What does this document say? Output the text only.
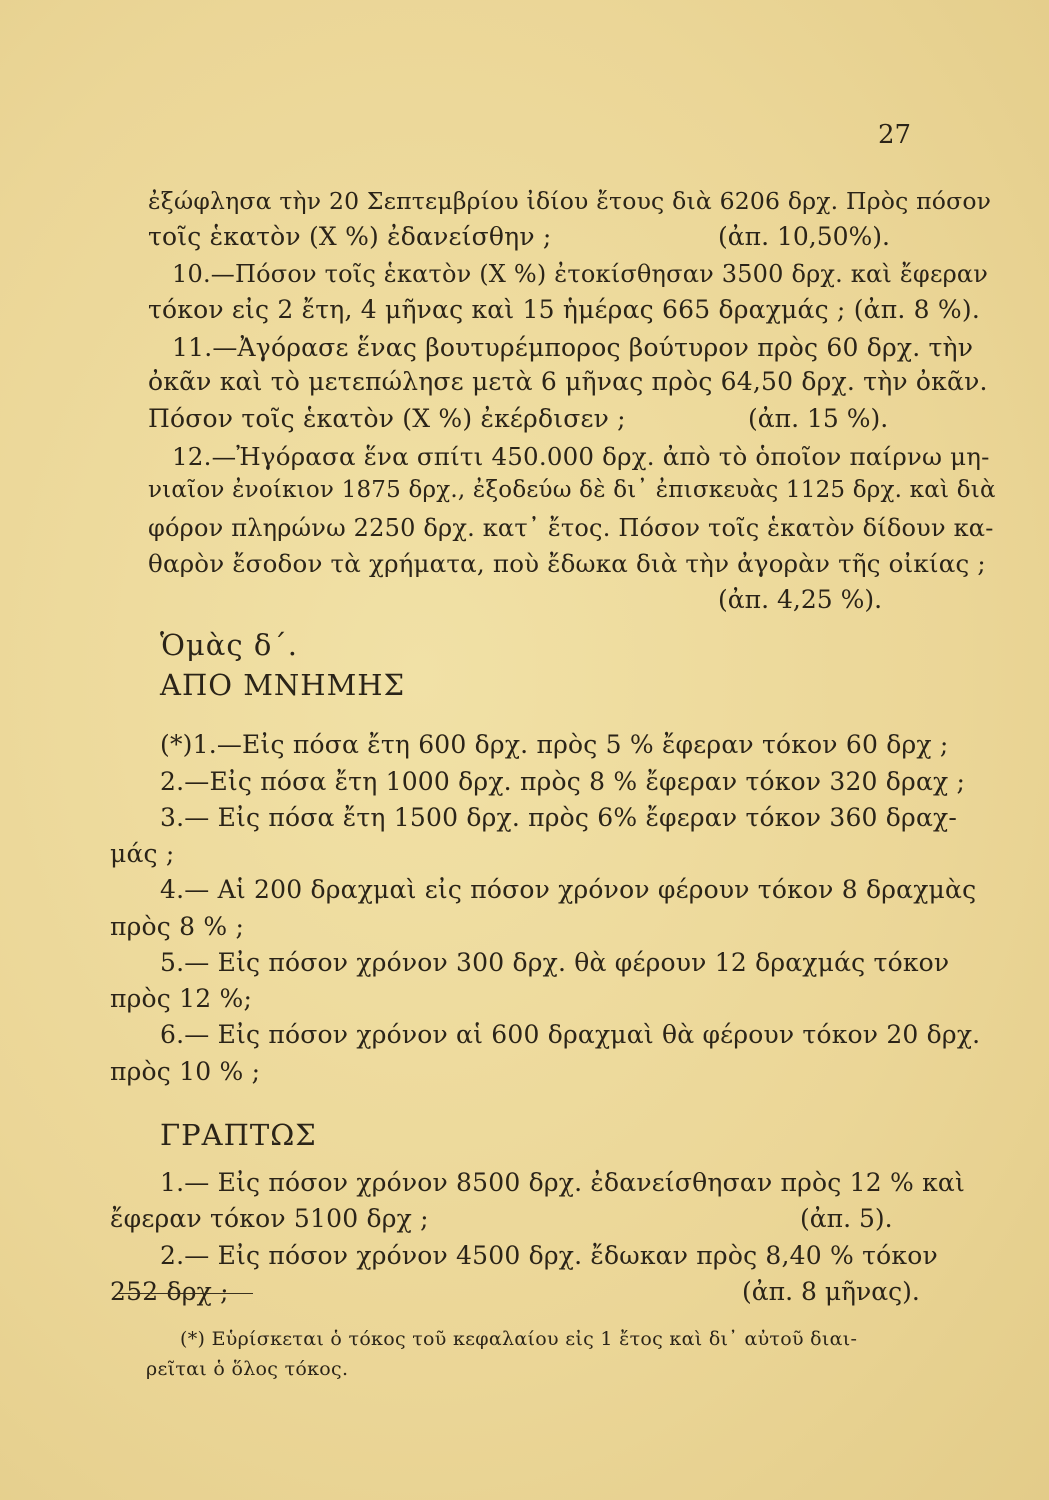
27
ἐξώφλησα τὴν 20 Σεπτεμβρίου ἰδίου ἔτους διὰ 6206 δρχ. Πρὸς πόσον
τοῖς ἑκατὸν (Χ %) ἐδανείσθην ;	(ἀπ. 10,50%).
10.—Πόσον τοῖς ἑκατὸν (Χ %) ἐτοκίσθησαν 3500 δρχ. καὶ ἔφεραν
τόκον εἰς 2 ἔτη, 4 μῆνας καὶ 15 ἡμέρας 665 δραχμάς ; (ἀπ. 8 %).
11.—Ἀγόρασε ἕνας βουτυρέμπορος βούτυρον πρὸς 60 δρχ. τὴν
ὀκᾶν καὶ τὸ μετεπώλησε μετὰ 6 μῆνας πρὸς 64,50 δρχ. τὴν ὀκᾶν.
Πόσον τοῖς ἑκατὸν (Χ %) ἐκέρδισεν ;	(ἀπ. 15 %).
12.—Ἠγόρασα ἕνα σπίτι 450.000 δρχ. ἀπὸ τὸ ὁποῖον παίρνω μη-
νιαῖον ἐνοίκιον 1875 δρχ., ἐξοδεύω δὲ δι᾽ ἐπισκευὰς 1125 δρχ. καὶ διὰ
φόρον πληρώνω 2250 δρχ. κατ᾽ ἔτος. Πόσον τοῖς ἑκατὸν δίδουν κα-
θαρὸν ἔσοδον τὰ χρήματα, ποὺ ἔδωκα διὰ τὴν ἀγορὰν τῆς οἰκίας ;
(ἀπ. 4,25 %).
Ὁμὰς δ΄.
ΑΠΟ ΜΝΗΜΗΣ
(*)1.—Εἰς πόσα ἔτη 600 δρχ. πρὸς 5 % ἔφεραν τόκον 60 δρχ ;
2.—Εἰς πόσα ἔτη 1000 δρχ. πρὸς 8 % ἔφεραν τόκον 320 δραχ ;
3.— Εἰς πόσα ἔτη 1500 δρχ. πρὸς 6% ἔφεραν τόκον 360 δραχ-
μάς ;
4.— Αἱ 200 δραχμαὶ εἰς πόσον χρόνον φέρουν τόκον 8 δραχμὰς
πρὸς 8 % ;
5.— Εἰς πόσον χρόνον 300 δρχ. θὰ φέρουν 12 δραχμάς τόκον
πρὸς 12 %;
6.— Εἰς πόσον χρόνον αἱ 600 δραχμαὶ θὰ φέρουν τόκον 20 δρχ.
πρὸς 10 % ;
ΓΡΑΠΤΩΣ
1.— Εἰς πόσον χρόνον 8500 δρχ. ἐδανείσθησαν πρὸς 12 % καὶ
ἔφεραν τόκον 5100 δρχ ;	(ἀπ. 5).
2.— Εἰς πόσον χρόνον 4500 δρχ. ἔδωκαν πρὸς 8,40 % τόκον
252 δρχ ;	(ἀπ. 8 μῆνας).
(*) Εὑρίσκεται ὁ τόκος τοῦ κεφαλαίου εἰς 1 ἔτος καὶ δι᾽ αὐτοῦ διαι-
ρεῖται ὁ ὅλος τόκος.
